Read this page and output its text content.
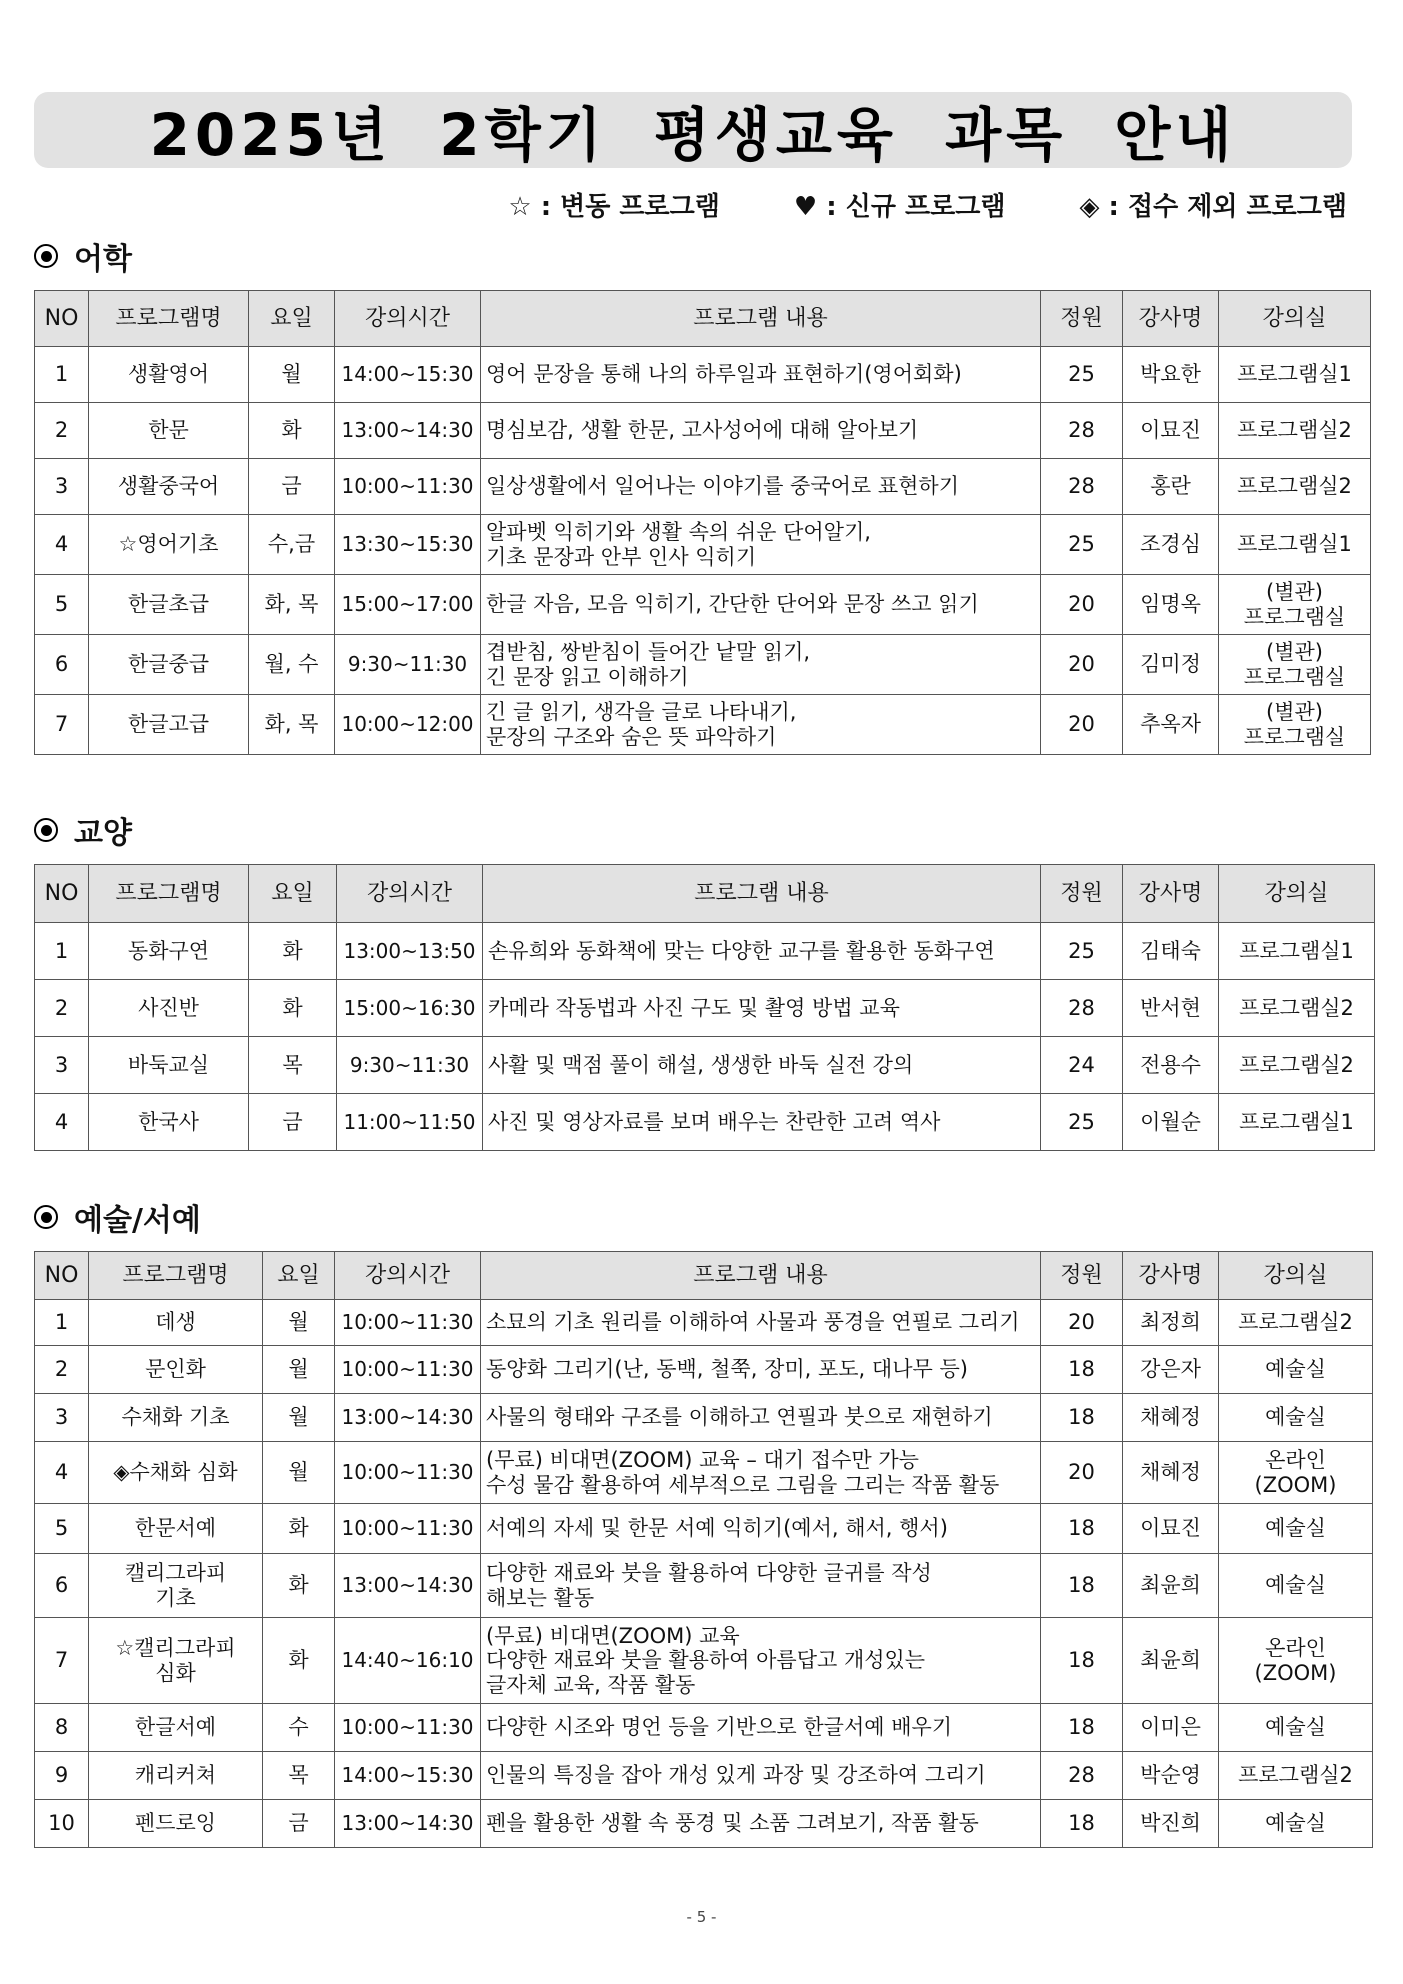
2025년 2학기 평생교육 과목 안내
☆ : 변동 프로그램	♥ : 신규 프로그램	◈ : 접수 제외 프로그램
어학
NO	프로그램명	요일	강의시간	프로그램 내용	정원	강사명	강의실
1	생활영어	월	14:00~15:30	영어 문장을 통해 나의 하루일과 표현하기(영어회화)	25	박요한	프로그램실1
2	한문	화	13:00~14:30	명심보감, 생활 한문, 고사성어에 대해 알아보기	28	이묘진	프로그램실2
3	생활중국어	금	10:00~11:30	일상생활에서 일어나는 이야기를 중국어로 표현하기	28	홍란	프로그램실2
4	☆영어기초	수,금	13:30~15:30	알파벳 익히기와 생활 속의 쉬운 단어알기,
기초 문장과 안부 인사 익히기	25	조경심	프로그램실1
5	한글초급	화, 목	15:00~17:00	한글 자음, 모음 익히기, 간단한 단어와 문장 쓰고 읽기	20	임명옥	(별관)
프로그램실
6	한글중급	월, 수	9:30~11:30	겹받침, 쌍받침이 들어간 낱말 읽기,
긴 문장 읽고 이해하기	20	김미정	(별관)
프로그램실
7	한글고급	화, 목	10:00~12:00	긴 글 읽기, 생각을 글로 나타내기,
문장의 구조와 숨은 뜻 파악하기	20	추옥자	(별관)
프로그램실
교양
NO	프로그램명	요일	강의시간	프로그램 내용	정원	강사명	강의실
1	동화구연	화	13:00~13:50	손유희와 동화책에 맞는 다양한 교구를 활용한 동화구연	25	김태숙	프로그램실1
2	사진반	화	15:00~16:30	카메라 작동법과 사진 구도 및 촬영 방법 교육	28	반서현	프로그램실2
3	바둑교실	목	9:30~11:30	사활 및 맥점 풀이 해설, 생생한 바둑 실전 강의	24	전용수	프로그램실2
4	한국사	금	11:00~11:50	사진 및 영상자료를 보며 배우는 찬란한 고려 역사	25	이월순	프로그램실1
예술/서예
NO	프로그램명	요일	강의시간	프로그램 내용	정원	강사명	강의실
1	데생	월	10:00~11:30	소묘의 기초 원리를 이해하여 사물과 풍경을 연필로 그리기	20	최정희	프로그램실2
2	문인화	월	10:00~11:30	동양화 그리기(난, 동백, 철쭉, 장미, 포도, 대나무 등)	18	강은자	예술실
3	수채화 기초	월	13:00~14:30	사물의 형태와 구조를 이해하고 연필과 붓으로 재현하기	18	채혜정	예술실
4	◈수채화 심화	월	10:00~11:30	(무료) 비대면(ZOOM) 교육 – 대기 접수만 가능
수성 물감 활용하여 세부적으로 그림을 그리는 작품 활동	20	채혜정	온라인
(ZOOM)
5	한문서예	화	10:00~11:30	서예의 자세 및 한문 서예 익히기(예서, 해서, 행서)	18	이묘진	예술실
6	캘리그라피
기초	화	13:00~14:30	다양한 재료와 붓을 활용하여 다양한 글귀를 작성
해보는 활동	18	최윤희	예술실
7	☆캘리그라피
심화	화	14:40~16:10	(무료) 비대면(ZOOM) 교육
다양한 재료와 붓을 활용하여 아름답고 개성있는
글자체 교육, 작품 활동	18	최윤희	온라인
(ZOOM)
8	한글서예	수	10:00~11:30	다양한 시조와 명언 등을 기반으로 한글서예 배우기	18	이미은	예술실
9	캐리커쳐	목	14:00~15:30	인물의 특징을 잡아 개성 있게 과장 및 강조하여 그리기	28	박순영	프로그램실2
10	펜드로잉	금	13:00~14:30	펜을 활용한 생활 속 풍경 및 소품 그려보기, 작품 활동	18	박진희	예술실
- 5 -
